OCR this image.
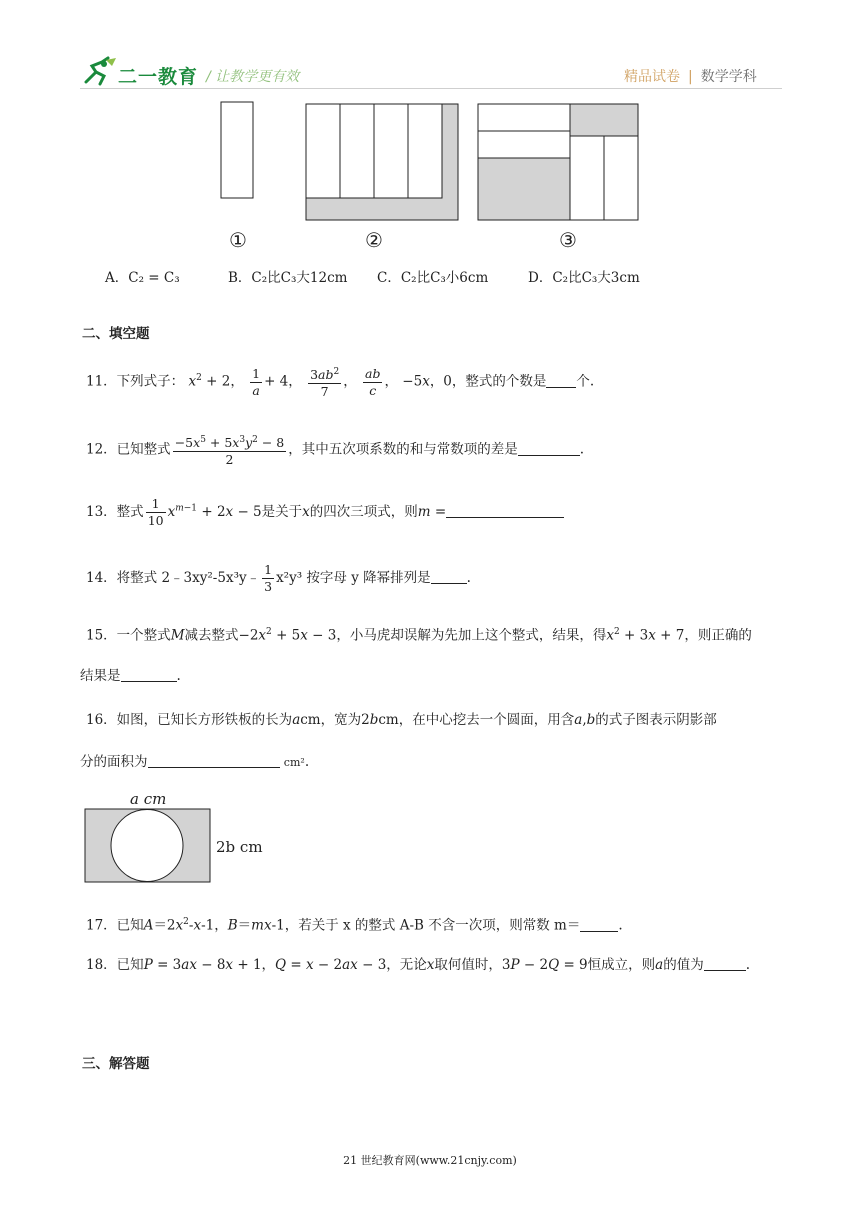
二一教育 / 让教学更有效	精品试卷 | 数学学科
①	②	③
A．C₂ = C₃	B．C₂比C₃大12cm C．C₂比C₃小6cm	D．C₂比C₃大3cm
二、填空题
11．下列式子： $x^2 + 2$， $\frac{1}{a} + 4$， $\frac{3ab^2}{7}$ ， $\frac{ab}{c}$ ， −5x，0，整式的个数是 个.
12．已知整式 $\frac{-5x^5 + 5x^3y^2 - 8}{2}$ ，其中五次项系数的和与常数项的差是	.
13．整式 $\frac{1}{10} x^{m-1} + 2x - 5$是关于x的四次三项式，则m =
14．将整式 2﹣3xy²-5x³y﹣ $\frac{1}{3} x^2y^3$ 按字母 y 降幂排列是	.
15．一个整式M减去整式$-2x^2 + 5x - 3$，小马虎却误解为先加上这个整式，结果，得$x^2 + 3x + 7$，则正确的
结果是	.
16．如图，已知长方形铁板的长为acm，宽为2bcm，在中心挖去一个圆面，用含a,b的式子图表示阴影部
分的面积为	cm².
a cm
2b cm
17．已知$A=2x^2-x-1$，B＝mx-1，若关于 x 的整式 A-B 不含一次项，则常数 m＝	.
18．已知P = 3ax − 8x + 1，Q = x − 2ax − 3，无论x取何值时，3P − 2Q = 9恒成立，则a的值为	.
三、解答题
21 世纪教育网(www.21cnjy.com)
